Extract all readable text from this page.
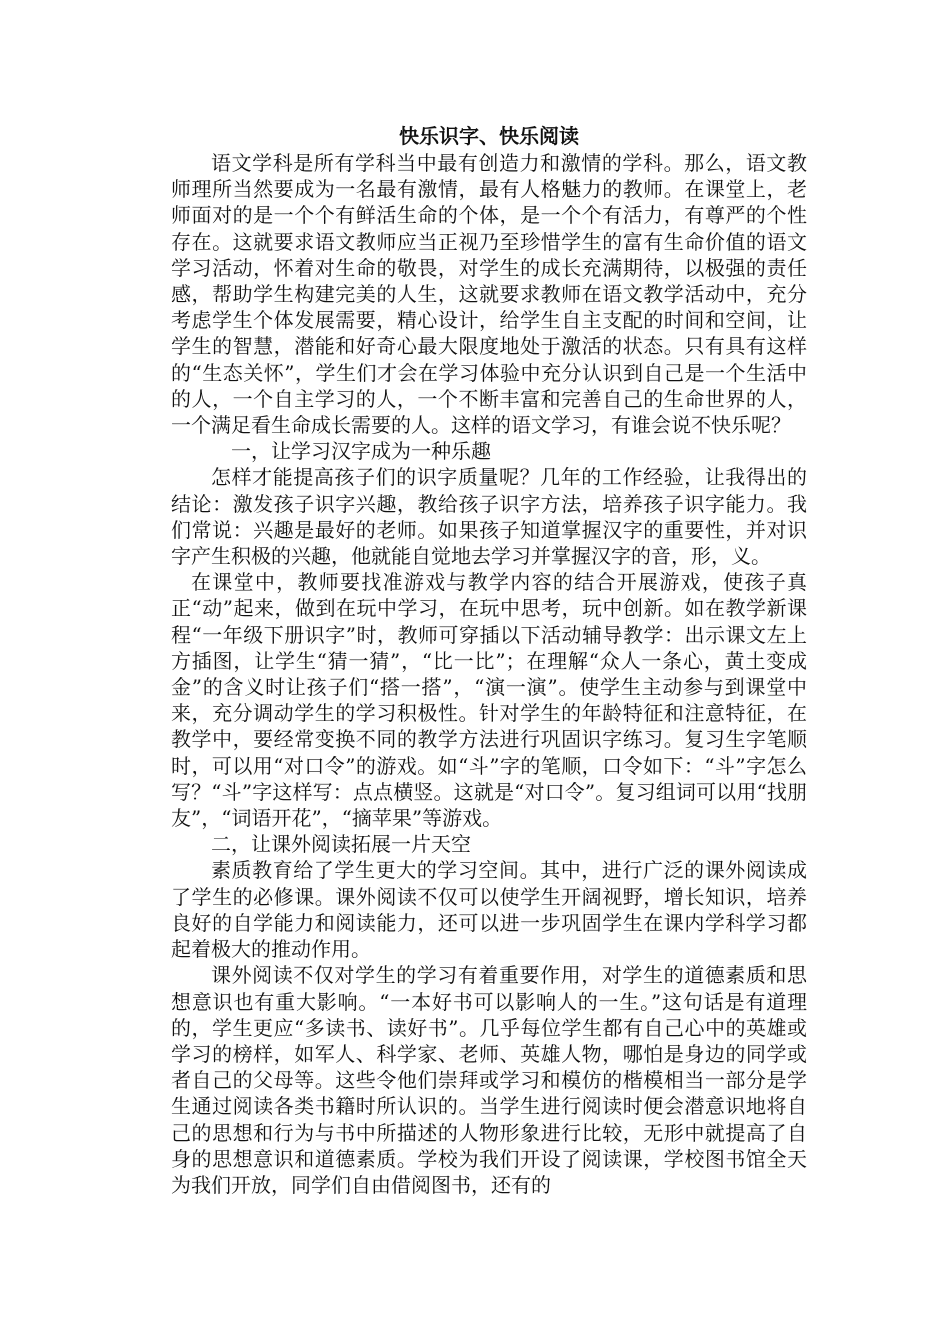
快乐识字、快乐阅读

语文学科是所有学科当中最有创造力和激情的学科。那么，语文教师理所当然要成为一名最有激情，最有人格魅力的教师。在课堂上，老师面对的是一个个有鲜活生命的个体，是一个个有活力，有尊严的个性存在。这就要求语文教师应当正视乃至珍惜学生的富有生命价值的语文学习活动，怀着对生命的敬畏，对学生的成长充满期待，以极强的责任感，帮助学生构建完美的人生，这就要求教师在语文教学活动中，充分考虑学生个体发展需要，精心设计，给学生自主支配的时间和空间，让学生的智慧，潜能和好奇心最大限度地处于激活的状态。只有具有这样的“生态关怀”，学生们才会在学习体验中充分认识到自己是一个生活中的人，一个自主学习的人，一个不断丰富和完善自己的生命世界的人，一个满足看生命成长需要的人。这样的语文学习，有谁会说不快乐呢？

一，让学习汉字成为一种乐趣

怎样才能提高孩子们的识字质量呢？几年的工作经验，让我得出的结论：激发孩子识字兴趣，教给孩子识字方法，培养孩子识字能力。我们常说：兴趣是最好的老师。如果孩子知道掌握汉字的重要性，并对识字产生积极的兴趣，他就能自觉地去学习并掌握汉字的音，形，义。

在课堂中，教师要找准游戏与教学内容的结合开展游戏，使孩子真正“动”起来，做到在玩中学习，在玩中思考，玩中创新。如在教学新课程“一年级下册识字”时，教师可穿插以下活动辅导教学：出示课文左上方插图，让学生“猜一猜”，“比一比”；在理解“众人一条心，黄土变成金”的含义时让孩子们“搭一搭”，“演一演”。使学生主动参与到课堂中来，充分调动学生的学习积极性。针对学生的年龄特征和注意特征，在教学中，要经常变换不同的教学方法进行巩固识字练习。复习生字笔顺时，可以用“对口令”的游戏。如“斗”字的笔顺，口令如下：“斗”字怎么写？“斗”字这样写：点点横竖。这就是“对口令”。复习组词可以用“找朋友”，“词语开花”，“摘苹果”等游戏。

二，让课外阅读拓展一片天空

素质教育给了学生更大的学习空间。其中，进行广泛的课外阅读成了学生的必修课。课外阅读不仅可以使学生开阔视野，增长知识，培养良好的自学能力和阅读能力，还可以进一步巩固学生在课内学科学习都起着极大的推动作用。

课外阅读不仅对学生的学习有着重要作用，对学生的道德素质和思想意识也有重大影响。“一本好书可以影响人的一生。”这句话是有道理的，学生更应“多读书、读好书”。几乎每位学生都有自己心中的英雄或学习的榜样，如军人、科学家、老师、英雄人物，哪怕是身边的同学或者自己的父母等。这些令他们崇拜或学习和模仿的楷模相当一部分是学生通过阅读各类书籍时所认识的。当学生进行阅读时便会潜意识地将自己的思想和行为与书中所描述的人物形象进行比较，无形中就提高了自身的思想意识和道德素质。学校为我们开设了阅读课，学校图书馆全天为我们开放，同学们自由借阅图书，还有的
